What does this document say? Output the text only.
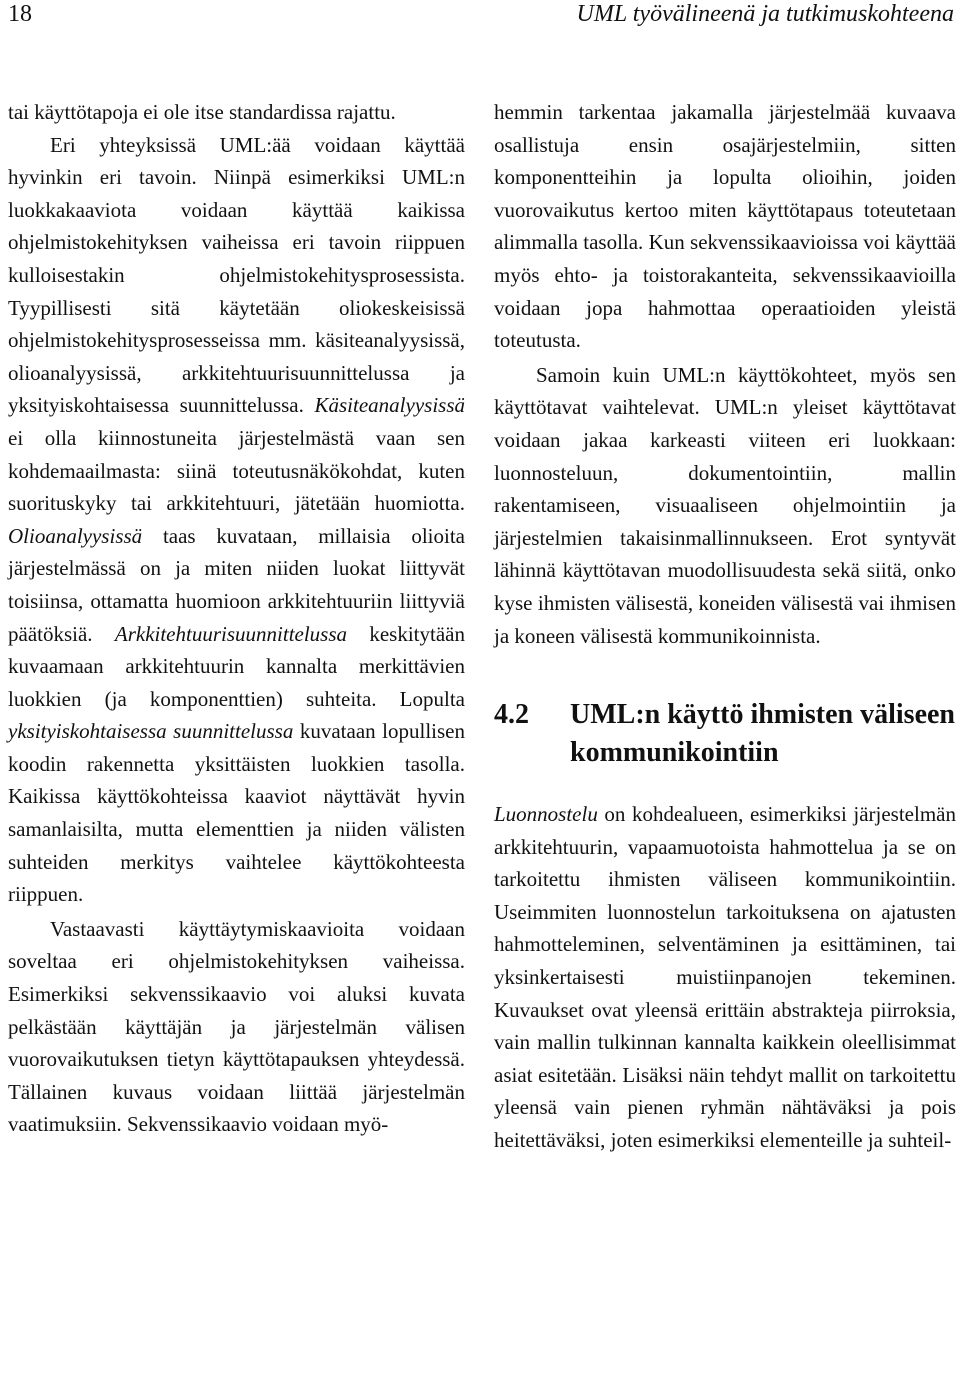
18	UML työvälineenä ja tutkimuskohteena

tai käyttötapoja ei ole itse standardissa rajattu.

Eri yhteyksissä UML:ää voidaan käyttää hyvinkin eri tavoin. Niinpä esimerkiksi UML:n luokkakaaviota voidaan käyttää kaikissa ohjelmistokehityksen vaiheissa eri tavoin riippuen kulloisestakin ohjelmistokehitysprosessista. Tyypillisesti sitä käytetään oliokeskeisissä ohjelmistokehitysprosesseissa mm. käsiteanalyysissä, olioanalyysissä, arkkitehtuurisuunnittelussa ja yksityiskohtaisessa suunnittelussa. Käsiteanalyysissä ei olla kiinnostuneita järjestelmästä vaan sen kohdemaailmasta: siinä toteutusnäkökohdat, kuten suorituskyky tai arkkitehtuuri, jätetään huomiotta. Olioanalyysissä taas kuvataan, millaisia olioita järjestelmässä on ja miten niiden luokat liittyvät toisiinsa, ottamatta huomioon arkkitehtuuriin liittyviä päätöksiä. Arkkitehtuurisuunnittelussa keskitytään kuvaamaan arkkitehtuurin kannalta merkittävien luokkien (ja komponenttien) suhteita. Lopulta yksityiskohtaisessa suunnittelussa kuvataan lopullisen koodin rakennetta yksittäisten luokkien tasolla. Kaikissa käyttökohteissa kaaviot näyttävät hyvin samanlaisilta, mutta elementtien ja niiden välisten suhteiden merkitys vaihtelee käyttökohteesta riippuen.

Vastaavasti käyttäytymiskaavioita voidaan soveltaa eri ohjelmistokehityksen vaiheissa. Esimerkiksi sekvenssikaavio voi aluksi kuvata pelkästään käyttäjän ja järjestelmän välisen vuorovaikutuksen tietyn käyttötapauksen yhteydessä. Tällainen kuvaus voidaan liittää järjestelmän vaatimuksiin. Sekvenssikaavio voidaan myö-

hemmin tarkentaa jakamalla järjestelmää kuvaava osallistuja ensin osajärjestelmiin, sitten komponentteihin ja lopulta olioihin, joiden vuorovaikutus kertoo miten käyttötapaus toteutetaan alimmalla tasolla. Kun sekvenssikaavioissa voi käyttää myös ehto- ja toistorakanteita, sekvenssikaavioilla voidaan jopa hahmottaa operaatioiden yleistä toteutusta.

Samoin kuin UML:n käyttökohteet, myös sen käyttötavat vaihtelevat. UML:n yleiset käyttötavat voidaan jakaa karkeasti viiteen eri luokkaan: luonnosteluun, dokumentointiin, mallin rakentamiseen, visuaaliseen ohjelmointiin ja järjestelmien takaisinmallinnukseen. Erot syntyvät lähinnä käyttötavan muodollisuudesta sekä siitä, onko kyse ihmisten välisestä, koneiden välisestä vai ihmisen ja koneen välisestä kommunikoinnista.

4.2	UML:n käyttö ihmisten väliseen kommunikointiin

Luonnostelu on kohdealueen, esimerkiksi järjestelmän arkkitehtuurin, vapaamuotoista hahmottelua ja se on tarkoitettu ihmisten väliseen kommunikointiin. Useimmiten luonnostelun tarkoituksena on ajatusten hahmotteleminen, selventäminen ja esittäminen, tai yksinkertaisesti muistiinpanojen tekeminen. Kuvaukset ovat yleensä erittäin abstrakteja piirroksia, vain mallin tulkinnan kannalta kaikkein oleellisimmat asiat esitetään. Lisäksi näin tehdyt mallit on tarkoitettu yleensä vain pienen ryhmän nähtäväksi ja pois heitettäväksi, joten esimerkiksi elementeille ja suhteil-
